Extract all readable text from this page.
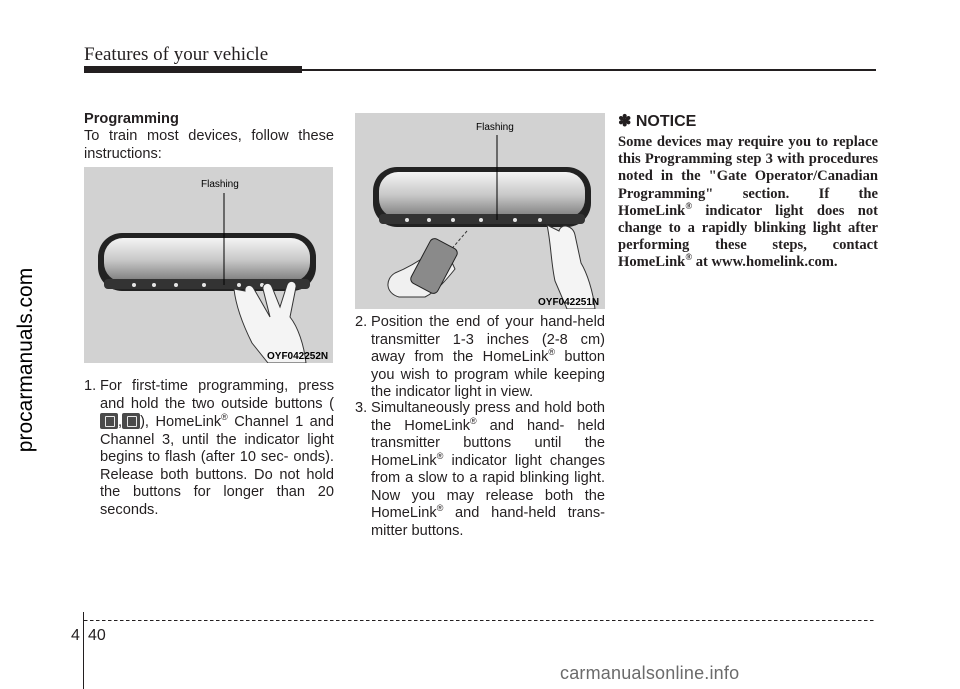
Features of your vehicle
procarmanuals.com
Programming
To train most devices, follow these instructions:
Flashing
OYF042252N
1. For first-time programming, press and hold the two outside buttons (, ), HomeLink® Channel 1 and Channel 3, until the indicator light begins to flash (after 10 sec- onds). Release both buttons. Do not hold the buttons for longer than 20 seconds.
Flashing
OYF042251N
2. Position the end of your hand-held transmitter 1-3 inches (2-8 cm) away from the HomeLink® button you wish to program while keeping the indicator light in view.
3. Simultaneously press and hold both the HomeLink® and hand- held transmitter buttons until the HomeLink® indicator light changes from a slow to a rapid blinking light. Now you may release both the HomeLink® and hand-held trans- mitter buttons.
✽ NOTICE
Some devices may require you to replace this Programming step 3 with procedures noted in the "Gate Operator/Canadian Programming" section. If the HomeLink® indicator light does not change to a rapidly blinking light after performing these steps, contact HomeLink® at www.homelink.com.
4 40
carmanualsonline.info
